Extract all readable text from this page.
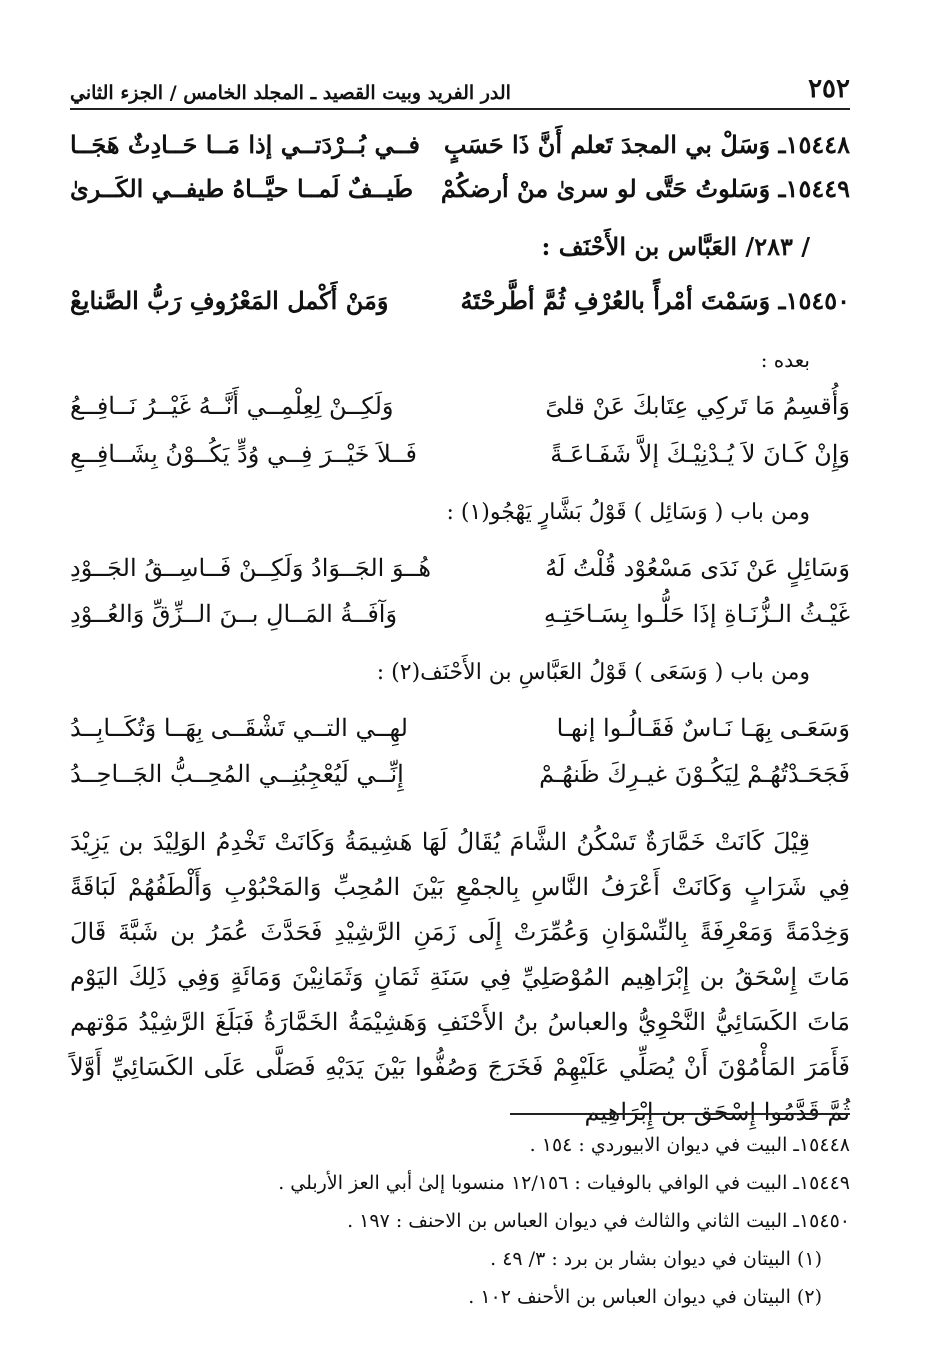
٢٥٢
الدر الفريد وبيت القصيد ـ المجلد الخامس / الجزء الثاني
١٥٤٤٨ـ وَسَلْ بي المجدَ تَعلم أَنَّ ذَا حَسَبٍ
فــي بُــرْدَتــي إذا مَــا حَــادِثٌ هَجَــا
١٥٤٤٩ـ وَسَلوتُ حَتَّى لو سرىٰ منْ أرضكُمْ
طَيــفٌ لَمــا حيَّــاهُ طيفــي الكَــرىٰ
/ ٢٨٣/ العَبَّاس بن الأَحْنَف :
١٥٤٥٠ـ وَسَمْتَ أمْرأً بالعُرْفِ ثُمَّ أطَّرحْتَهُ
وَمَنْ أَكْمل المَعْرُوفِ رَبُّ الصَّنايعْ
بعده :
وَأُقسِمُ مَا تَركِي عِتَابكَ عَنْ قلىً
وَلَكِــنْ لِعِلْمِــي أَنَّــهُ غَيْــرُ نَــافِــعُ
وَإِنْ كَـانَ لاَ يُـدْنِيْـكَ إلاَّ شَفَـاعَـةً
فَــلاَ خَيْــرَ فِــي وُدٍّ يَكُــوْنُ بِشَــافِــعِ
ومن باب ( وَسَائِل ) قَوْلُ بَشَّارٍ يَهْجُو(١) :
وَسَائِلٍ عَنْ نَدَى مَسْعُوْد قُلْتُ لَهُ
هُــوَ الجَــوَادُ وَلَكِــنْ فَــاسِــقُ الجَــوْدِ
غَيْـثُ الـزُّنَـاةِ إذَا حَلُّـوا بِسَـاحَتِـهِ
وَآفَــةُ المَــالِ بــنَ الــزِّقِّ وَالعُــوْدِ
ومن باب ( وَسَعَى ) قَوْلُ العَبَّاسِ بن الأَحْنَف(٢) :
وَسَعَـى بِهَـا نَـاسٌ فَقَـالُـوا إنهـا
لهِــي التــي تَشْقَــى بِهَــا وَتُكَــابِــدُ
فَجَحَـدْتُهُـمْ لِيَكُـوْنَ غيـرِكَ ظَنهُـمْ
إِنِّــي لَيُعْجِبُنِــي المُحِــبُّ الجَــاحِــدُ

قِيْلَ كَانَتْ خَمَّارَةٌ تَسْكُنُ الشَّامَ يُقَالُ لَهَا هَشِيمَةُ وَكَانَتْ تَخْدِمُ الوَلِيْدَ بن يَزِيْدَ فِي شَرَابٍ وَكَانَتْ أَعْرَفُ النَّاسِ بِالجمْعِ بَيْنَ المُحِبِّ وَالمَحْبُوْبِ وَأَلْطَفُهُمْ لَبَاقَةً وَخِدْمَةً وَمَعْرِفَةً بِالنِّسْوَانِ وَعُمِّرَتْ إِلَى زَمَنِ الرَّشِيْدِ فَحَدَّثَ عُمَرُ بن شَبَّةَ قَالَ مَاتَ إِسْحَقُ بن إِبْرَاهِيم المُوْصَلِيِّ فِي سَنَةِ ثَمَانٍ وَثَمَانِيْنَ وَمَائَةٍ وَفِي ذَلِكَ اليَوْم مَاتَ الكَسَائِيُّ النَّحْوِيُّ والعباسُ بنُ الأَحْنَفِ وَهَشِيْمَةُ الخَمَّارَةُ فَبَلَغَ الرَّشِيْدُ مَوْتهم فَأَمَرَ المَأْمُوْنَ أَنْ يُصَلِّي عَلَيْهِمْ فَخَرَجَ وَصُفُّوا بَيْنَ يَدَيْهِ فَصَلَّى عَلَى الكَسَائِيِّ أَوَّلاً ثُمَّ قَدَّمُوا إِسْحَق بن إِبْرَاهِيم

١٥٤٤٨ـ البيت في ديوان الابيوردي : ١٥٤ .
١٥٤٤٩ـ البيت في الوافي بالوفيات : ١٢/١٥٦ منسوبا إلىٰ أبي العز الأربلي .
١٥٤٥٠ـ البيت الثاني والثالث في ديوان العباس بن الاحنف : ١٩٧ .
(١) البيتان في ديوان بشار بن برد : ٣/ ٤٩ .
(٢) البيتان في ديوان العباس بن الأحنف ١٠٢ .
